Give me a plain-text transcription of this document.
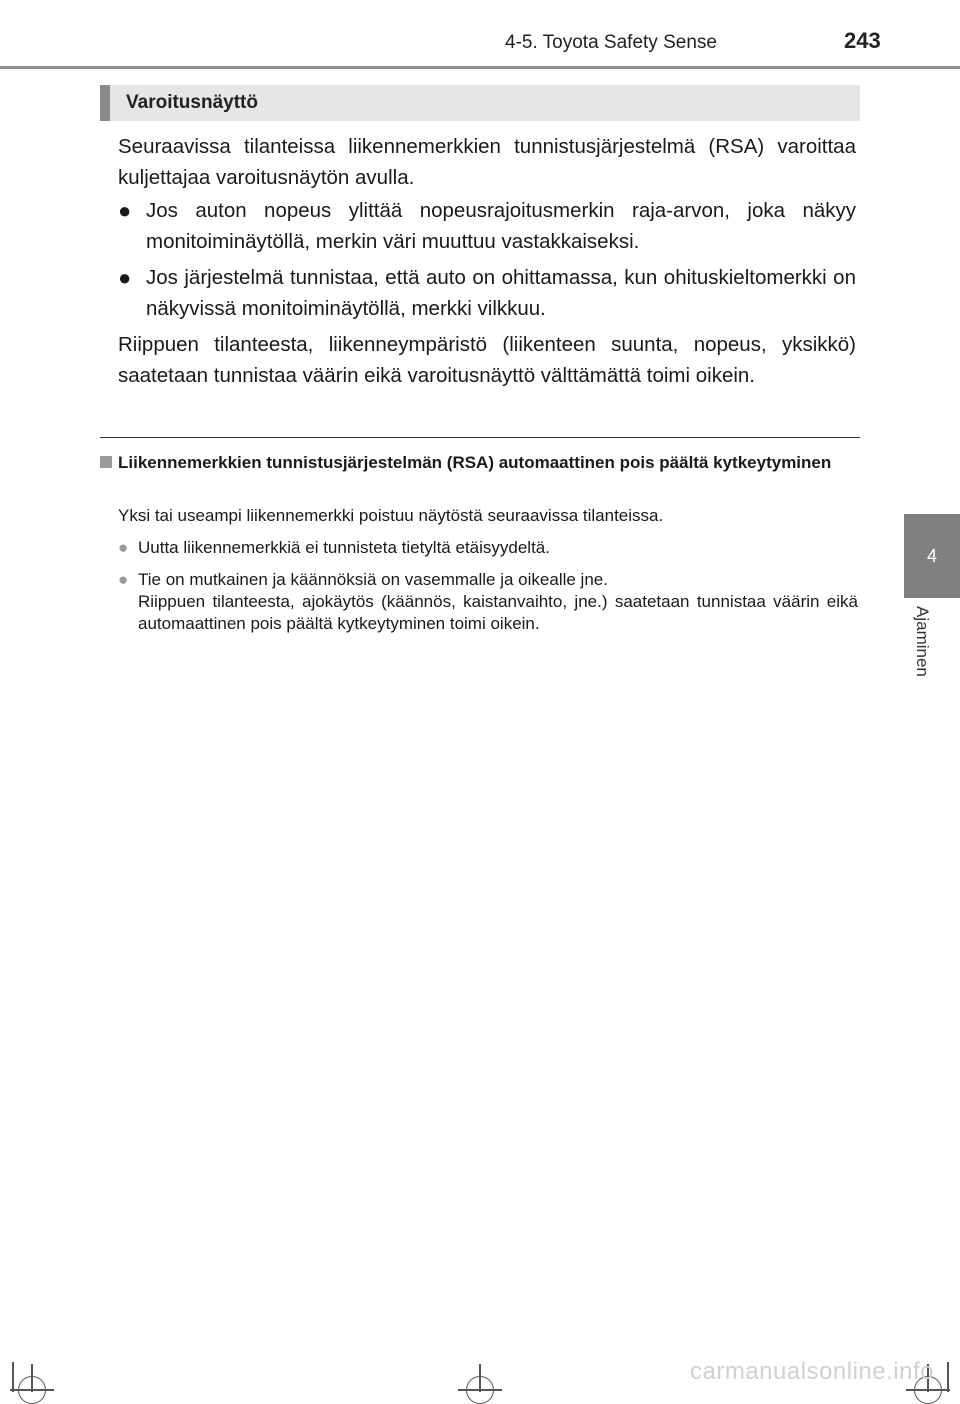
4-5. Toyota Safety Sense	243
4
Ajaminen
Varoitusnäyttö
Seuraavissa tilanteissa liikennemerkkien tunnistusjärjestelmä (RSA) varoittaa kuljettajaa varoitusnäytön avulla.
● Jos auton nopeus ylittää nopeusrajoitusmerkin raja-arvon, joka näkyy monitoiminäytöllä, merkin väri muuttuu vastakkaiseksi.
● Jos järjestelmä tunnistaa, että auto on ohittamassa, kun ohituskieltomerkki on näkyvissä monitoiminäytöllä, merkki vilkkuu.
Riippuen tilanteesta, liikenneympäristö (liikenteen suunta, nopeus, yksikkö) saatetaan tunnistaa väärin eikä varoitusnäyttö välttämättä toimi oikein.
Liikennemerkkien tunnistusjärjestelmän (RSA) automaattinen pois päältä kytkeytyminen
Yksi tai useampi liikennemerkki poistuu näytöstä seuraavissa tilanteissa.
● Uutta liikennemerkkiä ei tunnisteta tietyltä etäisyydeltä.
● Tie on mutkainen ja käännöksiä on vasemmalle ja oikealle jne.
Riippuen tilanteesta, ajokäytös (käännös, kaistanvaihto, jne.) saatetaan tunnistaa väärin eikä automaattinen pois päältä kytkeytyminen toimi oikein.
carmanualsonline.info
